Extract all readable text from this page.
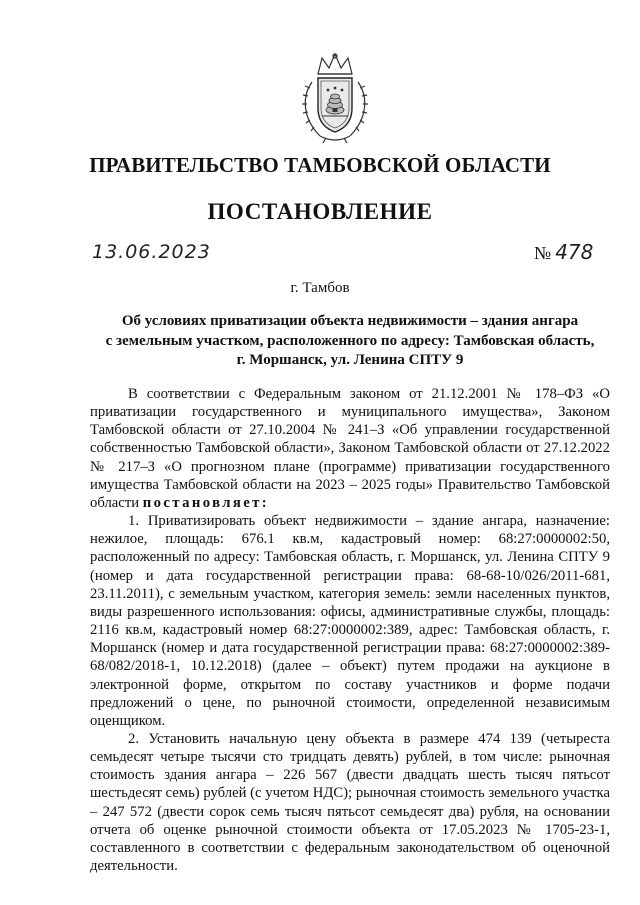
ПРАВИТЕЛЬСТВО ТАМБОВСКОЙ ОБЛАСТИ
ПОСТАНОВЛЕНИЕ
13.06.2023	№ 478
г. Тамбов
Об условиях приватизации объекта недвижимости – здания ангара
с земельным участком, расположенного по адресу: Тамбовская область,
г. Моршанск, ул. Ленина СПТУ 9

В соответствии с Федеральным законом от 21.12.2001 № 178–ФЗ «О приватизации государственного и муниципального имущества», Законом Тамбовской области от 27.10.2004 № 241–З «Об управлении государственной собственностью Тамбовской области», Законом Тамбовской области от 27.12.2022 № 217–З «О прогнозном плане (программе) приватизации государственного имущества Тамбовской области на 2023 – 2025 годы» Правительство Тамбовской области постановляет:

1. Приватизировать объект недвижимости – здание ангара, назначение: нежилое, площадь: 676.1 кв.м, кадастровый номер: 68:27:0000002:50, расположенный по адресу: Тамбовская область, г. Моршанск, ул. Ленина СПТУ 9 (номер и дата государственной регистрации права: 68-68-10/026/2011-681, 23.11.2011), с земельным участком, категория земель: земли населенных пунктов, виды разрешенного использования: офисы, административные службы, площадь: 2116 кв.м, кадастровый номер 68:27:0000002:389, адрес: Тамбовская область, г. Моршанск (номер и дата государственной регистрации права: 68:27:0000002:389-68/082/2018-1, 10.12.2018) (далее – объект) путем продажи на аукционе в электронной форме, открытом по составу участников и форме подачи предложений о цене, по рыночной стоимости, определенной независимым оценщиком.

2. Установить начальную цену объекта в размере 474 139 (четыреста семьдесят четыре тысячи сто тридцать девять) рублей, в том числе: рыночная стоимость здания ангара – 226 567 (двести двадцать шесть тысяч пятьсот шестьдесят семь) рублей (с учетом НДС); рыночная стоимость земельного участка – 247 572 (двести сорок семь тысяч пятьсот семьдесят два) рубля, на основании отчета об оценке рыночной стоимости объекта от 17.05.2023 № 1705-23-1, составленного в соответствии с федеральным законодательством об оценочной деятельности.
